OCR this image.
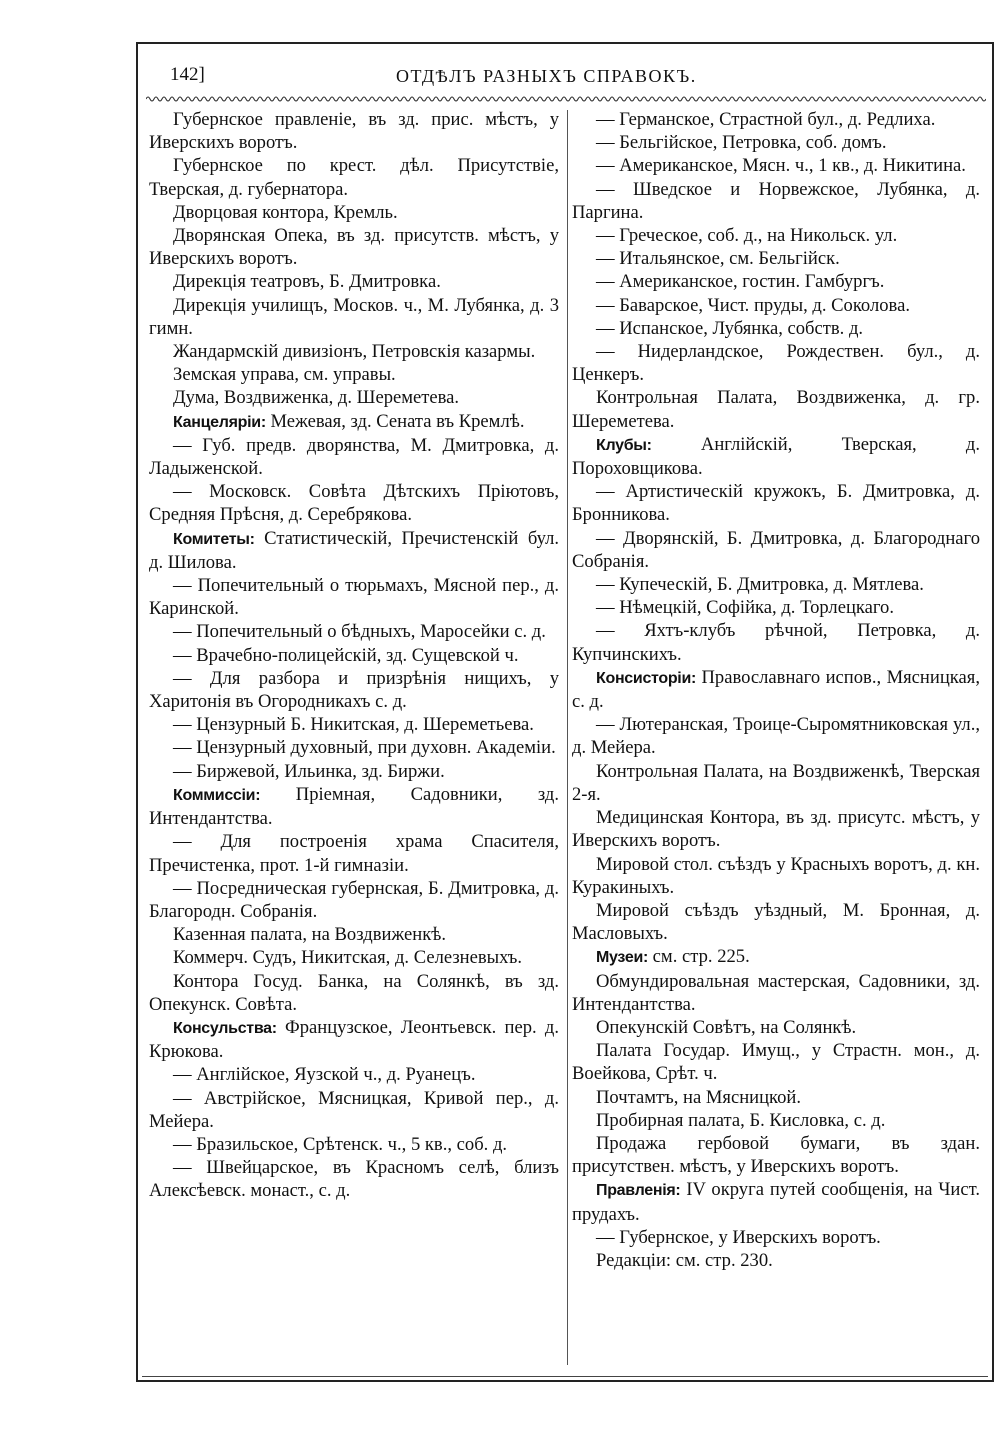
142]	ОТДѢЛЪ РАЗНЫХЪ СПРАВОКЪ.

Губернское правленіе, въ зд. прис. мѣстъ, у Иверскихъ воротъ.

Губернское по крест. дѣл. Присутствіе, Тверская, д. губернатора.

Дворцовая контора, Кремль.

Дворянская Опека, въ зд. присутств. мѣстъ, у Иверскихъ воротъ.

Дирекція театровъ, Б. Дмитровка.

Дирекція училищъ, Москов. ч., М. Лубянка, д. 3 гимн.

Жандармскій дивизіонъ, Петровскія казармы.

Земская управа, см. управы.

Дума, Воздвиженка, д. Шереметева.

Канцеляріи: Межевая, зд. Сената въ Кремлѣ.

— Губ. предв. дворянства, М. Дмитровка, д. Ладыженской.

— Московск. Совѣта Дѣтскихъ Пріютовъ, Средняя Прѣсня, д. Серебрякова.

Комитеты: Статистическій, Пречистенскій бул. д. Шилова.

— Попечительный о тюрьмахъ, Мясной пер., д. Каринской.

— Попечительный о бѣдныхъ, Маросейки с. д.

— Врачебно-полицейскій, зд. Сущевской ч.

— Для разбора и призрѣнія нищихъ, у Харитонія въ Огородникахъ с. д.

— Цензурный Б. Никитская, д. Шереметьева.

— Цензурный духовный, при духовн. Академіи.

— Биржевой, Ильинка, зд. Биржи.

Коммиссіи: Пріемная, Садовники, зд. Интендантства.

— Для построенія храма Спасителя, Пречистенка, прот. 1-й гимназіи.

— Посредническая губернская, Б. Дмитровка, д. Благородн. Собранія.

Казенная палата, на Воздвиженкѣ.

Коммерч. Судъ, Никитская, д. Селезневыхъ.

Контора Госуд. Банка, на Солянкѣ, въ зд. Опекунск. Совѣта.

Консульства: Французское, Леонтьевск. пер. д. Крюкова.

— Англійское, Яузской ч., д. Руанецъ.

— Австрійское, Мясницкая, Кривой пер., д. Мейера.

— Бразильское, Срѣтенск. ч., 5 кв., соб. д.

— Швейцарское, въ Красномъ селѣ, близъ Алексѣевск. монаст., с. д.

— Германское, Страстной бул., д. Редлиха.

— Бельгійское, Петровка, соб. домъ.

— Американское, Мясн. ч., 1 кв., д. Никитина.

— Шведское и Норвежское, Лубянка, д. Паргина.

— Греческое, соб. д., на Никольск. ул.

— Итальянское, см. Бельгійск.

— Американское, гостин. Гамбургъ.

— Баварское, Чист. пруды, д. Соколова.

— Испанское, Лубянка, собств. д.

— Нидерландское, Рождествен. бул., д. Ценкеръ.

Контрольная Палата, Воздвиженка, д. гр. Шереметева.

Клубы: Англійскій, Тверская, д. Пороховщикова.

— Артистическій кружокъ, Б. Дмитровка, д. Бронникова.

— Дворянскій, Б. Дмитровка, д. Благороднаго Собранія.

— Купеческій, Б. Дмитровка, д. Мятлева.

— Нѣмецкій, Софійка, д. Торлецкаго.

— Яхтъ-клубъ рѣчной, Петровка, д. Купчинскихъ.

Консисторіи: Православнаго испов., Мясницкая, с. д.

— Лютеранская, Троице-Сыромятниковская ул., д. Мейера.

Контрольная Палата, на Воздвиженкѣ, Тверская 2-я.

Медицинская Контора, въ зд. присутс. мѣстъ, у Иверскихъ воротъ.

Мировой стол. съѣздъ у Красныхъ воротъ, д. кн. Куракиныхъ.

Мировой съѣздъ уѣздный, М. Бронная, д. Масловыхъ.

Музеи: см. стр. 225.

Обмундировальная мастерская, Садовники, зд. Интендантства.

Опекунскій Совѣтъ, на Солянкѣ.

Палата Государ. Имущ., у Страстн. мон., д. Воейкова, Срѣт. ч.

Почтамтъ, на Мясницкой.

Пробирная палата, Б. Кисловка, с. д.

Продажа гербовой бумаги, въ здан. присутствен. мѣстъ, у Иверскихъ воротъ.

Правленія: IV округа путей сообщенія, на Чист. прудахъ.

— Губернское, у Иверскихъ воротъ.

Редакціи: см. стр. 230.
